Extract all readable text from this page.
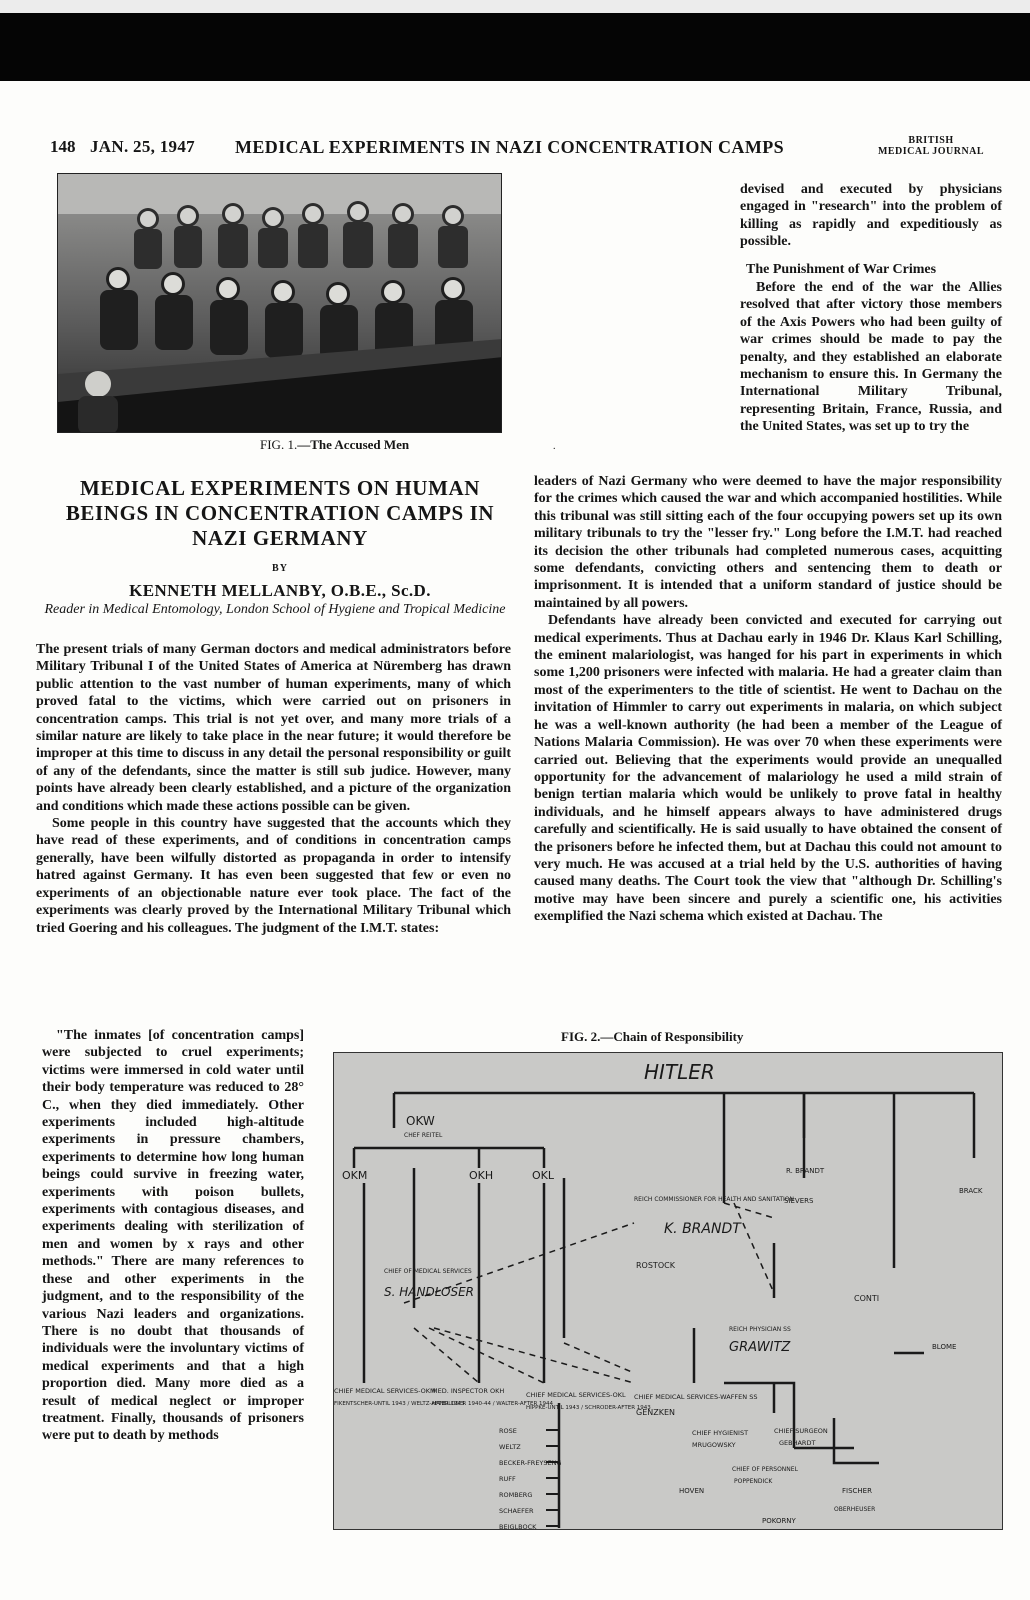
148 JAN. 25, 1947 MEDICAL EXPERIMENTS IN NAZI CONCENTRATION CAMPS	BRITISH
MEDICAL JOURNAL
FIG. 1.—The Accused Men	.

devised and executed by physicians engaged in "research" into the problem of killing as rapidly and expeditiously as possible.

The Punishment of War Crimes
Before the end of the war the Allies resolved that after victory those members of the Axis Powers who had been guilty of war crimes should be made to pay the penalty, and they established an elaborate mechanism to ensure this. In Germany the International Military Tribunal, representing Britain, France, Russia, and the United States, was set up to try the
MEDICAL EXPERIMENTS ON HUMAN BEINGS IN CONCENTRATION CAMPS IN NAZI GERMANY
BY
KENNETH MELLANBY, O.B.E., Sc.D.
Reader in Medical Entomology, London School of Hygiene and Tropical Medicine

The present trials of many German doctors and medical administrators before Military Tribunal I of the United States of America at Nüremberg has drawn public attention to the vast number of human experiments, many of which proved fatal to the victims, which were carried out on prisoners in concentration camps. This trial is not yet over, and many more trials of a similar nature are likely to take place in the near future; it would therefore be improper at this time to discuss in any detail the personal responsibility or guilt of any of the defendants, since the matter is still sub judice. However, many points have already been clearly established, and a picture of the organization and conditions which made these actions possible can be given.

Some people in this country have suggested that the accounts which they have read of these experiments, and of conditions in concentration camps generally, have been wilfully distorted as propaganda in order to intensify hatred against Germany. It has even been suggested that few or even no experiments of an objectionable nature ever took place. The fact of the experiments was clearly proved by the International Military Tribunal which tried Goering and his colleagues. The judgment of the I.M.T. states:

"The inmates [of concentration camps] were subjected to cruel experiments; victims were immersed in cold water until their body temperature was reduced to 28° C., when they died immediately. Other experiments included high-altitude experiments in pressure chambers, experiments to determine how long human beings could survive in freezing water, experiments with poison bullets, experiments with contagious diseases, and experiments dealing with sterilization of men and women by x rays and other methods." There are many references to these and other experiments in the judgment, and to the responsibility of the various Nazi leaders and organizations. There is no doubt that thousands of individuals were the involuntary victims of medical experiments and that a high proportion died. Many more died as a result of medical neglect or improper treatment. Finally, thousands of prisoners were put to death by methods

leaders of Nazi Germany who were deemed to have the major responsibility for the crimes which caused the war and which accompanied hostilities. While this tribunal was still sitting each of the four occupying powers set up its own military tribunals to try the "lesser fry." Long before the I.M.T. had reached its decision the other tribunals had completed numerous cases, acquitting some defendants, convicting others and sentencing them to death or imprisonment. It is intended that a uniform standard of justice should be maintained by all powers.

Defendants have already been convicted and executed for carrying out medical experiments. Thus at Dachau early in 1946 Dr. Klaus Karl Schilling, the eminent malariologist, was hanged for his part in experiments in which some 1,200 prisoners were infected with malaria. He had a greater claim than most of the experimenters to the title of scientist. He went to Dachau on the invitation of Himmler to carry out experiments in malaria, on which subject he was a well-known authority (he had been a member of the League of Nations Malaria Commission). He was over 70 when these experiments were carried out. Believing that the experiments would provide an unequalled opportunity for the advancement of malariology he used a mild strain of benign tertian malaria which would be unlikely to prove fatal in healthy individuals, and he himself appears always to have administered drugs carefully and scientifically. He is said usually to have obtained the consent of the prisoners before he infected them, but at Dachau this could not amount to very much. He was accused at a trial held by the U.S. authorities of having caused many deaths. The Court took the view that "although Dr. Schilling's motive may have been sincere and purely a scientific one, his activities exemplified the Nazi schema which existed at Dachau. The

FIG. 2.—Chain of Responsibility
HITLER
OKW
CHEF REITEL
OKM	OKH	OKL
REICH COMMISSIONER FOR HEALTH AND SANITATION
K. BRANDT
ROSTOCK
CHIEF OF MEDICAL SERVICES
S. HANDLOSER
R. BRANDT
SIEVERS
BRACK
CONTI
BLOME
REICH PHYSICIAN SS
GRAWITZ
CHIEF MEDICAL SERVICES-OKM
FIKENTSCHER-UNTIL 1943 / WELTZ-AFTER 1943
MED. INSPECTOR OKH
HANDLOSER 1940-44 / WALTER-AFTER 1944
CHIEF MEDICAL SERVICES-OKL
HIPPKE-UNTIL 1943 / SCHRODER-AFTER 1943
CHIEF MEDICAL SERVICES-WAFFEN SS
GENZKEN
CHIEF HYGIENIST
MRUGOWSKY
CHIEF SURGEON
GEBHARDT
CHIEF OF PERSONNEL
POPPENDICK
HOVEN	FISCHER
OBERHEUSER
POKORNY
ROSE
WELTZ
BECKER-FREYSENG
RUFF
ROMBERG
SCHAEFER
BEIGLBOCK
